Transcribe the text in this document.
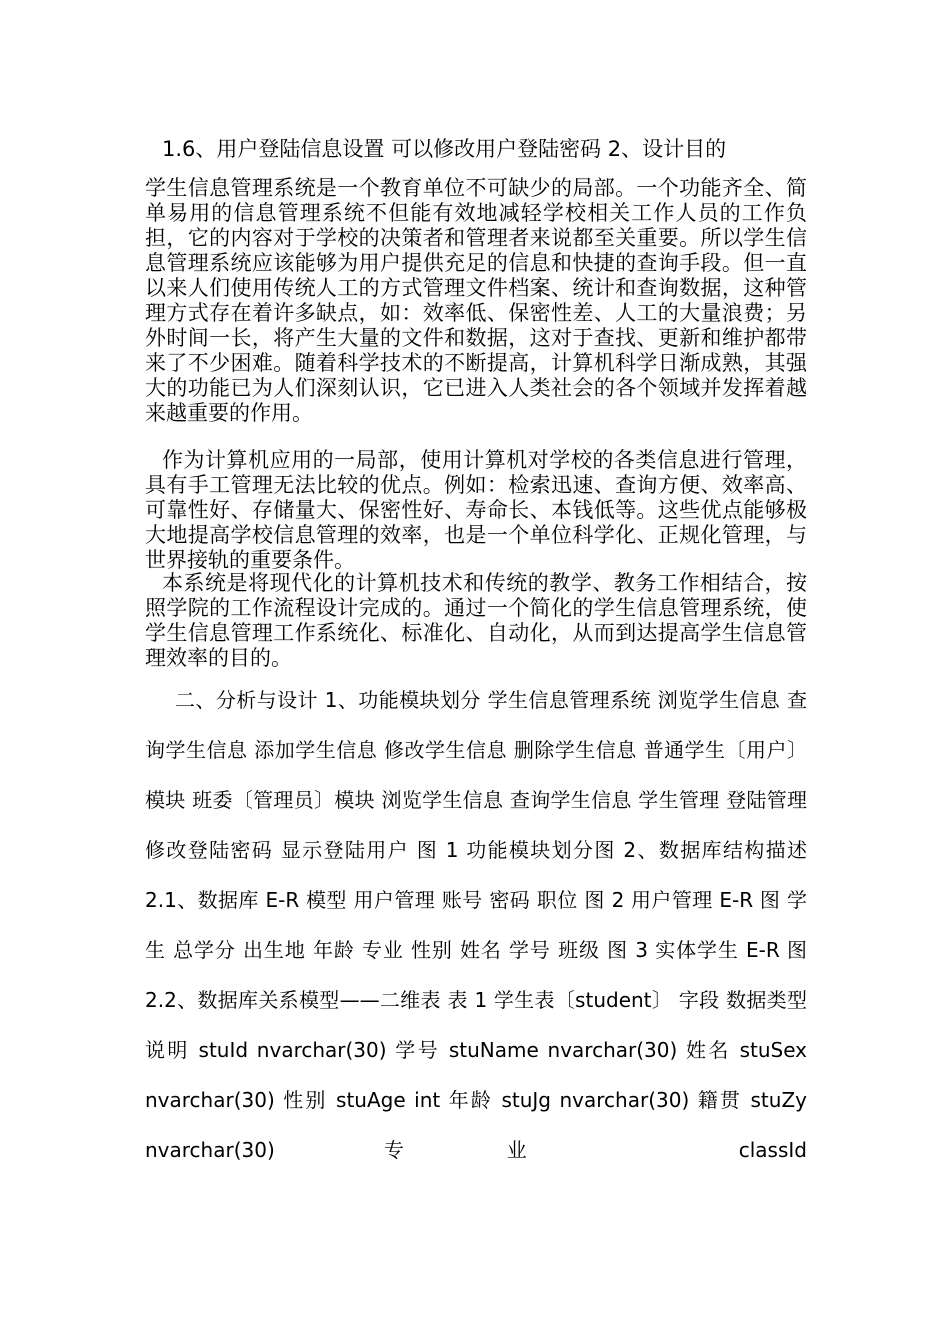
1.6、用户登陆信息设置 可以修改用户登陆密码 2、设计目的

学生信息管理系统是一个教育单位不可缺少的局部。一个功能齐全、简单易用的信息管理系统不但能有效地减轻学校相关工作人员的工作负担，它的内容对于学校的决策者和管理者来说都至关重要。所以学生信息管理系统应该能够为用户提供充足的信息和快捷的查询手段。但一直以来人们使用传统人工的方式管理文件档案、统计和查询数据，这种管理方式存在着许多缺点，如：效率低、保密性差、人工的大量浪费；另外时间一长，将产生大量的文件和数据，这对于查找、更新和维护都带来了不少困难。随着科学技术的不断提高，计算机科学日渐成熟，其强大的功能已为人们深刻认识，它已进入人类社会的各个领域并发挥着越来越重要的作用。

作为计算机应用的一局部，使用计算机对学校的各类信息进行管理，具有手工管理无法比较的优点。例如：检索迅速、查询方便、效率高、可靠性好、存储量大、保密性好、寿命长、本钱低等。这些优点能够极大地提高学校信息管理的效率，也是一个单位科学化、正规化管理，与世界接轨的重要条件。

本系统是将现代化的计算机技术和传统的教学、教务工作相结合，按照学院的工作流程设计完成的。通过一个简化的学生信息管理系统，使学生信息管理工作系统化、标准化、自动化，从而到达提高学生信息管理效率的目的。

二、分析与设计 1、功能模块划分 学生信息管理系统 浏览学生信息 查询学生信息 添加学生信息 修改学生信息 删除学生信息 普通学生〔用户〕模块 班委〔管理员〕模块 浏览学生信息 查询学生信息 学生管理 登陆管理 修改登陆密码 显示登陆用户 图 1 功能模块划分图 2、数据库结构描述 2.1、数据库 E-R 模型 用户管理 账号 密码 职位 图 2 用户管理 E-R 图 学 生 总学分 出生地 年龄 专业 性别 姓名 学号 班级 图 3 实体学生 E-R 图 2.2、数据库关系模型——二维表 表 1 学生表〔student〕 字段 数据类型 说明 stuId nvarchar(30) 学号 stuName nvarchar(30) 姓名 stuSex nvarchar(30) 性别 stuAge int 年龄 stuJg nvarchar(30) 籍贯 stuZy nvarchar(30) 专业 classId
